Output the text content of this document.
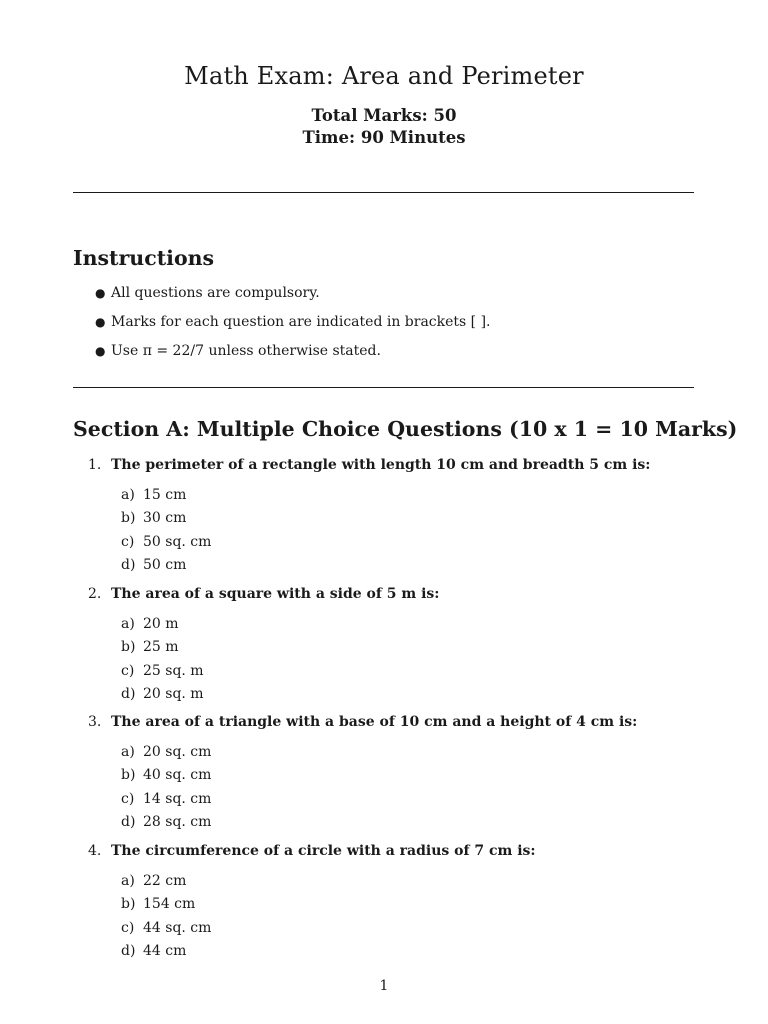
Math Exam: Area and Perimeter
Total Marks: 50
Time: 90 Minutes
Instructions
● All questions are compulsory.
● Marks for each question are indicated in brackets [ ].
● Use π = 22/7 unless otherwise stated.
Section A: Multiple Choice Questions (10 x 1 = 10 Marks)
1. The perimeter of a rectangle with length 10 cm and breadth 5 cm is:
a) 15 cm
b) 30 cm
c) 50 sq. cm
d) 50 cm
2. The area of a square with a side of 5 m is:
a) 20 m
b) 25 m
c) 25 sq. m
d) 20 sq. m
3. The area of a triangle with a base of 10 cm and a height of 4 cm is:
a) 20 sq. cm
b) 40 sq. cm
c) 14 sq. cm
d) 28 sq. cm
4. The circumference of a circle with a radius of 7 cm is:
a) 22 cm
b) 154 cm
c) 44 sq. cm
d) 44 cm
1
